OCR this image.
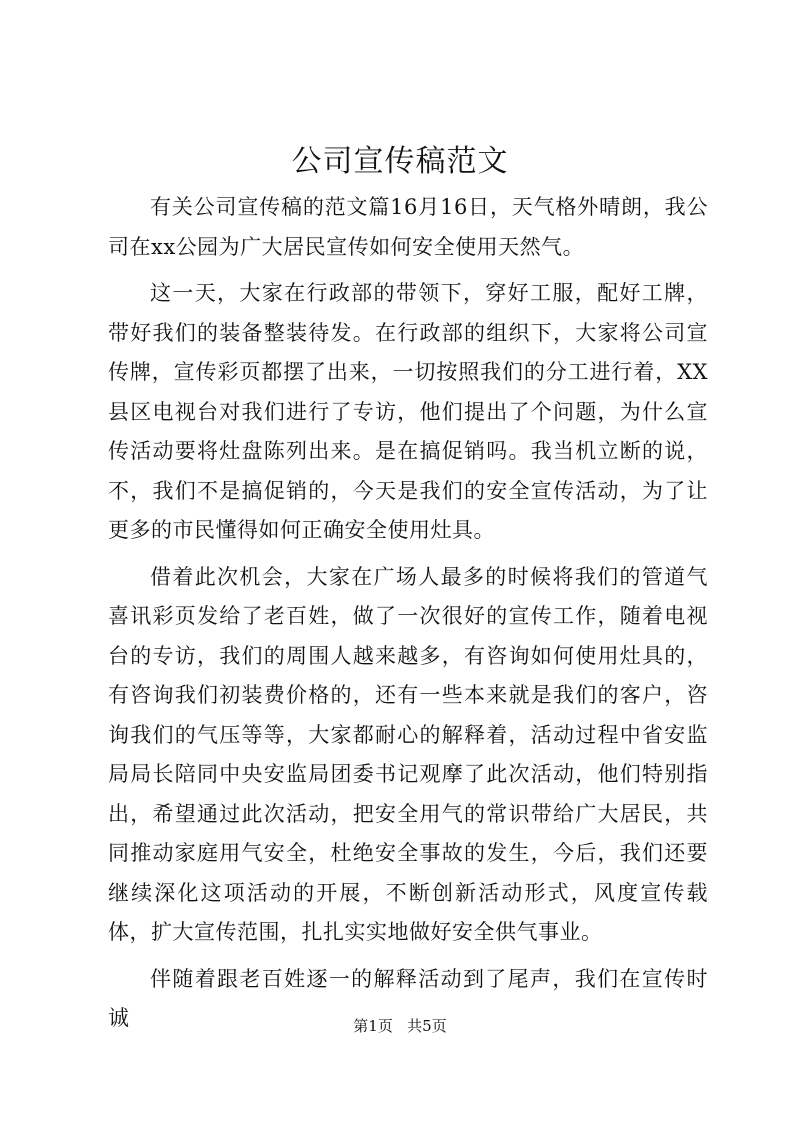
公司宣传稿范文

有关公司宣传稿的范文篇16月16日，天气格外晴朗，我公司在xx公园为广大居民宣传如何安全使用天然气。

这一天，大家在行政部的带领下，穿好工服，配好工牌，带好我们的装备整装待发。在行政部的组织下，大家将公司宣传牌，宣传彩页都摆了出来，一切按照我们的分工进行着，XX县区电视台对我们进行了专访，他们提出了个问题，为什么宣传活动要将灶盘陈列出来。是在搞促销吗。我当机立断的说，不，我们不是搞促销的，今天是我们的安全宣传活动，为了让更多的市民懂得如何正确安全使用灶具。

借着此次机会，大家在广场人最多的时候将我们的管道气喜讯彩页发给了老百姓，做了一次很好的宣传工作，随着电视台的专访，我们的周围人越来越多，有咨询如何使用灶具的，有咨询我们初装费价格的，还有一些本来就是我们的客户，咨询我们的气压等等，大家都耐心的解释着，活动过程中省安监局局长陪同中央安监局团委书记观摩了此次活动，他们特别指出，希望通过此次活动，把安全用气的常识带给广大居民，共同推动家庭用气安全，杜绝安全事故的发生，今后，我们还要继续深化这项活动的开展，不断创新活动形式，风度宣传载体，扩大宣传范围，扎扎实实地做好安全供气事业。

伴随着跟老百姓逐一的解释活动到了尾声，我们在宣传时诚	第1页 共5页
